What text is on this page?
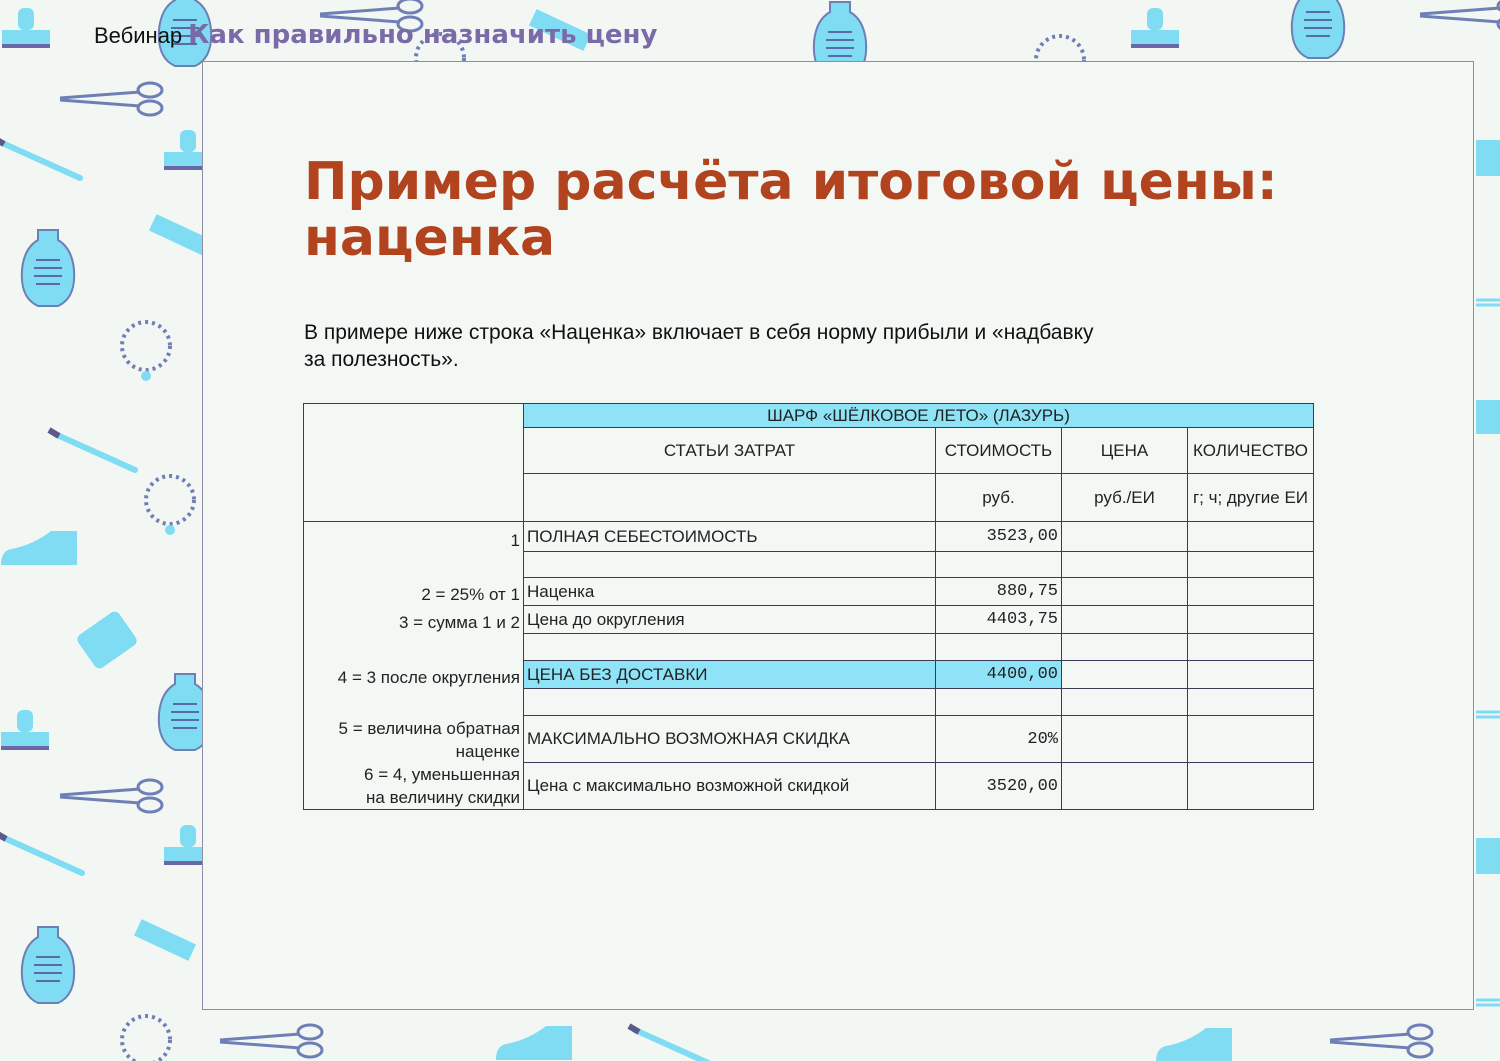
Вебинар Как правильно назначить цену
Пример расчёта итоговой цены:
наценка

В примере ниже строка «Наценка» включает в себя норму прибыли и «надбавку
за полезность».

	ШАРФ «ШЁЛКОВОЕ ЛЕТО» (ЛАЗУРЬ)			
	СТАТЬИ ЗАТРАТ	СТОИМОСТЬ	ЦЕНА	КОЛИЧЕСТВО
		руб.	руб./ЕИ	г; ч; другие ЕИ
1	ПОЛНАЯ СЕБЕСТОИМОСТЬ	3523,00		

2 = 25% от 1	Наценка	880,75		
3 = сумма 1 и 2	Цена до округления	4403,75		

4 = 3 после округления	ЦЕНА БЕЗ ДОСТАВКИ	4400,00		

5 = величина обратная
наценке	МАКСИМАЛЬНО ВОЗМОЖНАЯ СКИДКА	20%		
6 = 4, уменьшенная
на величину скидки	Цена с максимально возможной скидкой	3520,00		
